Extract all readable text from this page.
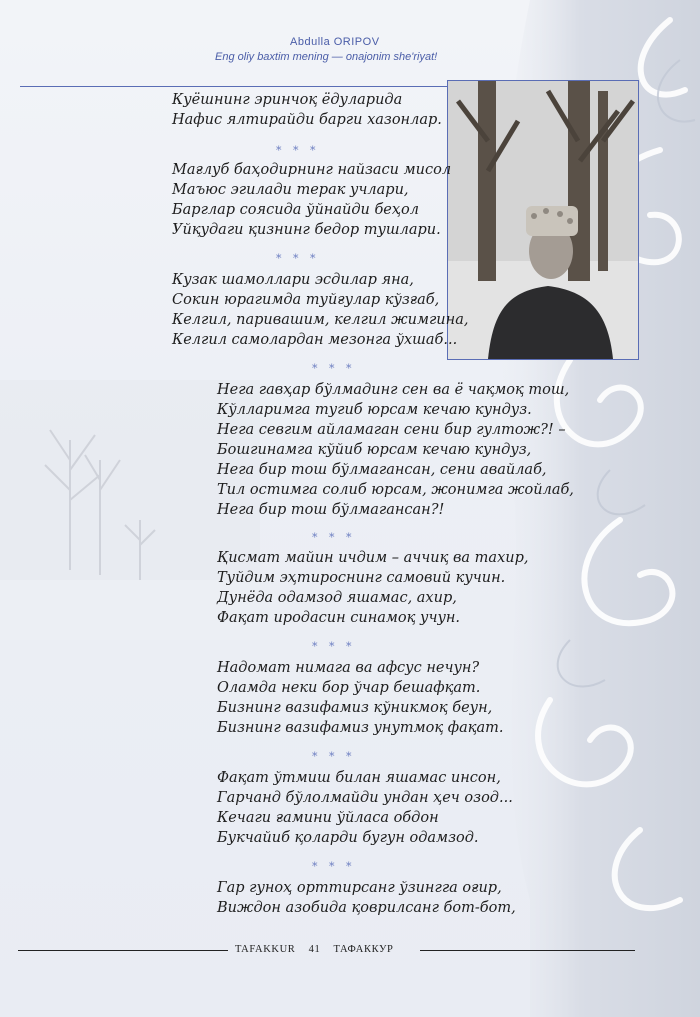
Abdulla ORIPOV
Eng oliy baxtim mening — onajonim she'riyat!
Куёшнинг эринчоқ ёдуларида
Нафис ялтирайди барги хазонлар.
* * *
Мағлуб баҳодирнинг найзаси мисол
Маъюс эгилади терак учлари,
Барглар соясида ўйнайди беҳол
Уйқудаги қизнинг бедор тушлари.
* * *
Кузак шамоллари эсдилар яна,
Сокин юрагимда туйғулар кўзғаб,
Келгил, паривашим, келгил жимгина,
Келгил самолардан мезонга ўхшаб...
* * *
Нега гавҳар бўлмадинг сен ва ё чақмоқ тош,
Кўлларимга тугиб юрсам кечаю кундуз.
Нега севгим айламаган сени бир гултож?! –
Бошгинамга кўйиб юрсам кечаю кундуз,
Нега бир тош бўлмагансан, сени авайлаб,
Тил остимга солиб юрсам, жонимга жойлаб,
Нега бир тош бўлмагансан?!
* * *
Қисмат майин ичдим – аччиқ ва тахир,
Туйдим эҳтироснинг самовий кучин.
Дунёда одамзод яшамас, ахир,
Фақат иродасин синамоқ учун.
* * *
Надомат нимага ва афсус нечун?
Оламда неки бор ўчар бешафқат.
Бизнинг вазифамиз кўникмоқ беун,
Бизнинг вазифамиз унутмоқ фақат.
* * *
Фақат ўтмиш билан яшамас инсон,
Гарчанд бўлолмайди ундан ҳеч озод...
Кечаги ғамини ўйласа обдон
Букчайиб қоларди бугун одамзод.
* * *
Гар гуноҳ орттирсанг ўзингга оғир,
Виждон азобида қоврилсанг бот-бот,
TAFAKKUR 41 ТАФАККУР
